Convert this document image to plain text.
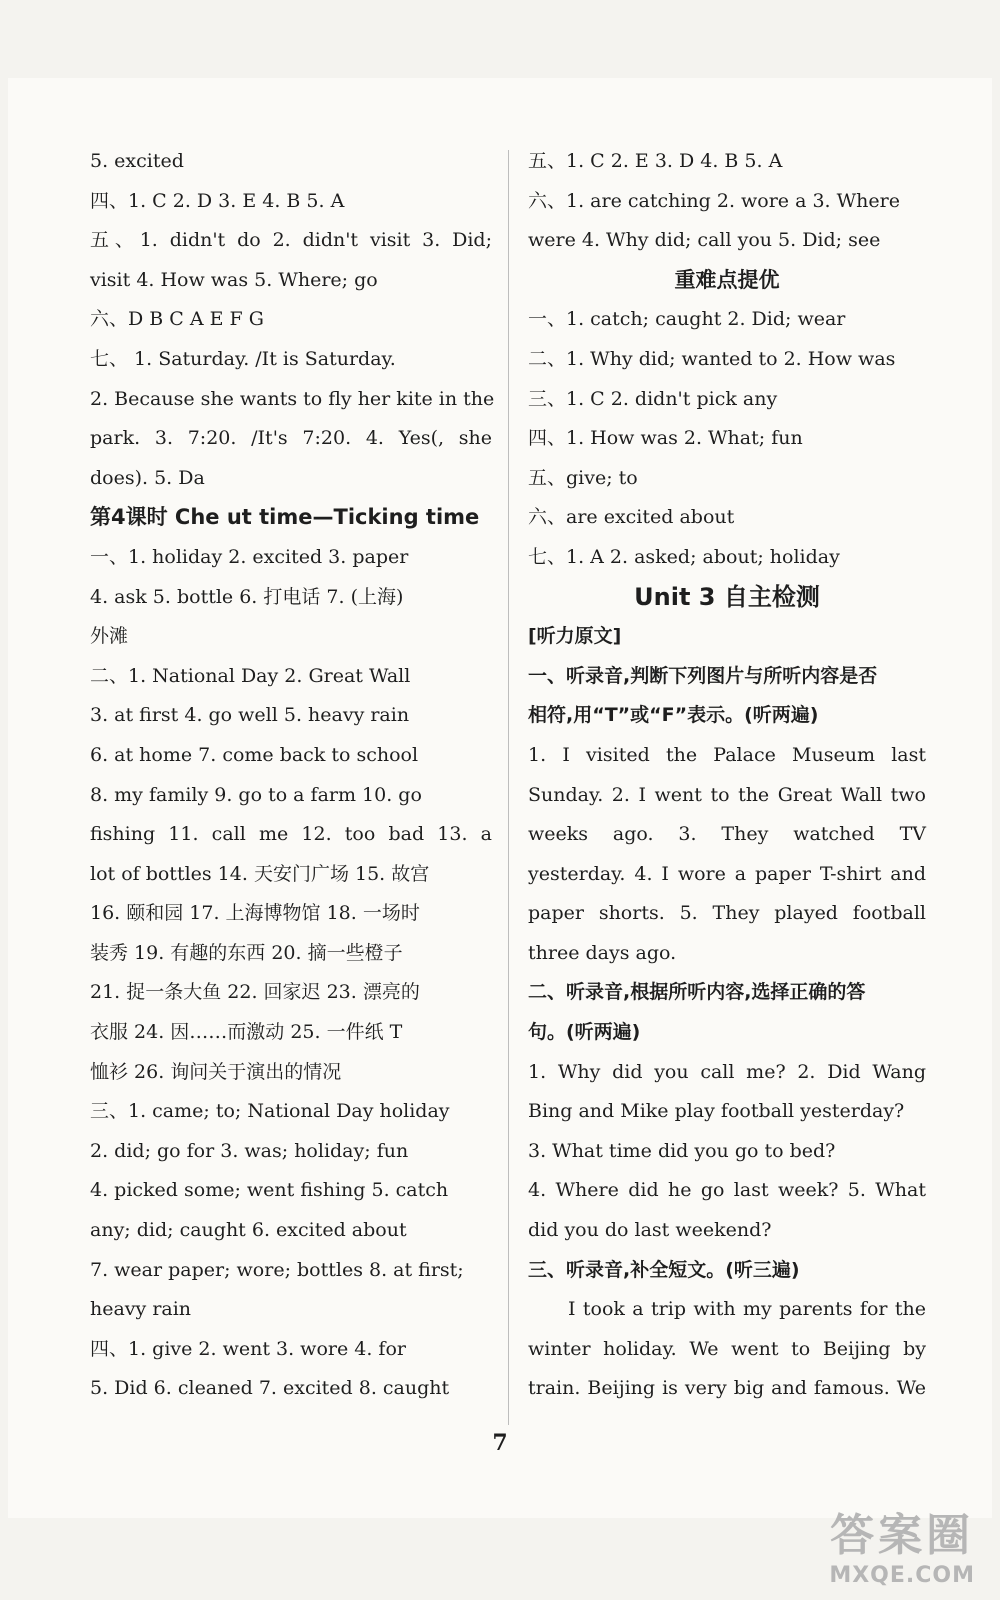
5. excited
四、1. C 2. D 3. E 4. B 5. A
五、1. didn't do 2. didn't visit 3. Did;
visit 4. How was 5. Where; go
六、D B C A E F G
七、 1. Saturday. /It is Saturday.
2. Because she wants to fly her kite in the
park. 3. 7:20. /It's 7:20. 4. Yes(, she
does). 5. Da
第4课时 Che ut time—Ticking time
一、1. holiday 2. excited 3. paper
4. ask 5. bottle 6. 打电话 7. (上海)
外滩
二、1. National Day 2. Great Wall
3. at first 4. go well 5. heavy rain
6. at home 7. come back to school
8. my family 9. go to a farm 10. go
fishing 11. call me 12. too bad 13. a
lot of bottles 14. 天安门广场 15. 故宫
16. 颐和园 17. 上海博物馆 18. 一场时
装秀 19. 有趣的东西 20. 摘一些橙子
21. 捉一条大鱼 22. 回家迟 23. 漂亮的
衣服 24. 因……而激动 25. 一件纸 T
恤衫 26. 询问关于演出的情况
三、1. came; to; National Day holiday
2. did; go for 3. was; holiday; fun
4. picked some; went fishing 5. catch
any; did; caught 6. excited about
7. wear paper; wore; bottles 8. at first;
heavy rain
四、1. give 2. went 3. wore 4. for
5. Did 6. cleaned 7. excited 8. caught
五、1. C 2. E 3. D 4. B 5. A
六、1. are catching 2. wore a 3. Where
were 4. Why did; call you 5. Did; see
重难点提优
一、1. catch; caught 2. Did; wear
二、1. Why did; wanted to 2. How was
三、1. C 2. didn't pick any
四、1. How was 2. What; fun
五、give; to
六、are excited about
七、1. A 2. asked; about; holiday
Unit 3 自主检测
[听力原文]
一、听录音,判断下列图片与所听内容是否
相符,用“T”或“F”表示。(听两遍)
1. I visited the Palace Museum last
Sunday. 2. I went to the Great Wall two
weeks ago. 3. They watched TV
yesterday. 4. I wore a paper T-shirt and
paper shorts. 5. They played football
three days ago.
二、听录音,根据所听内容,选择正确的答
句。(听两遍)
1. Why did you call me? 2. Did Wang
Bing and Mike play football yesterday?
3. What time did you go to bed?
4. Where did he go last week? 5. What
did you do last weekend?
三、听录音,补全短文。(听三遍)
I took a trip with my parents for the
winter holiday. We went to Beijing by
train. Beijing is very big and famous. We
7
答案圈
MXQE.COM
